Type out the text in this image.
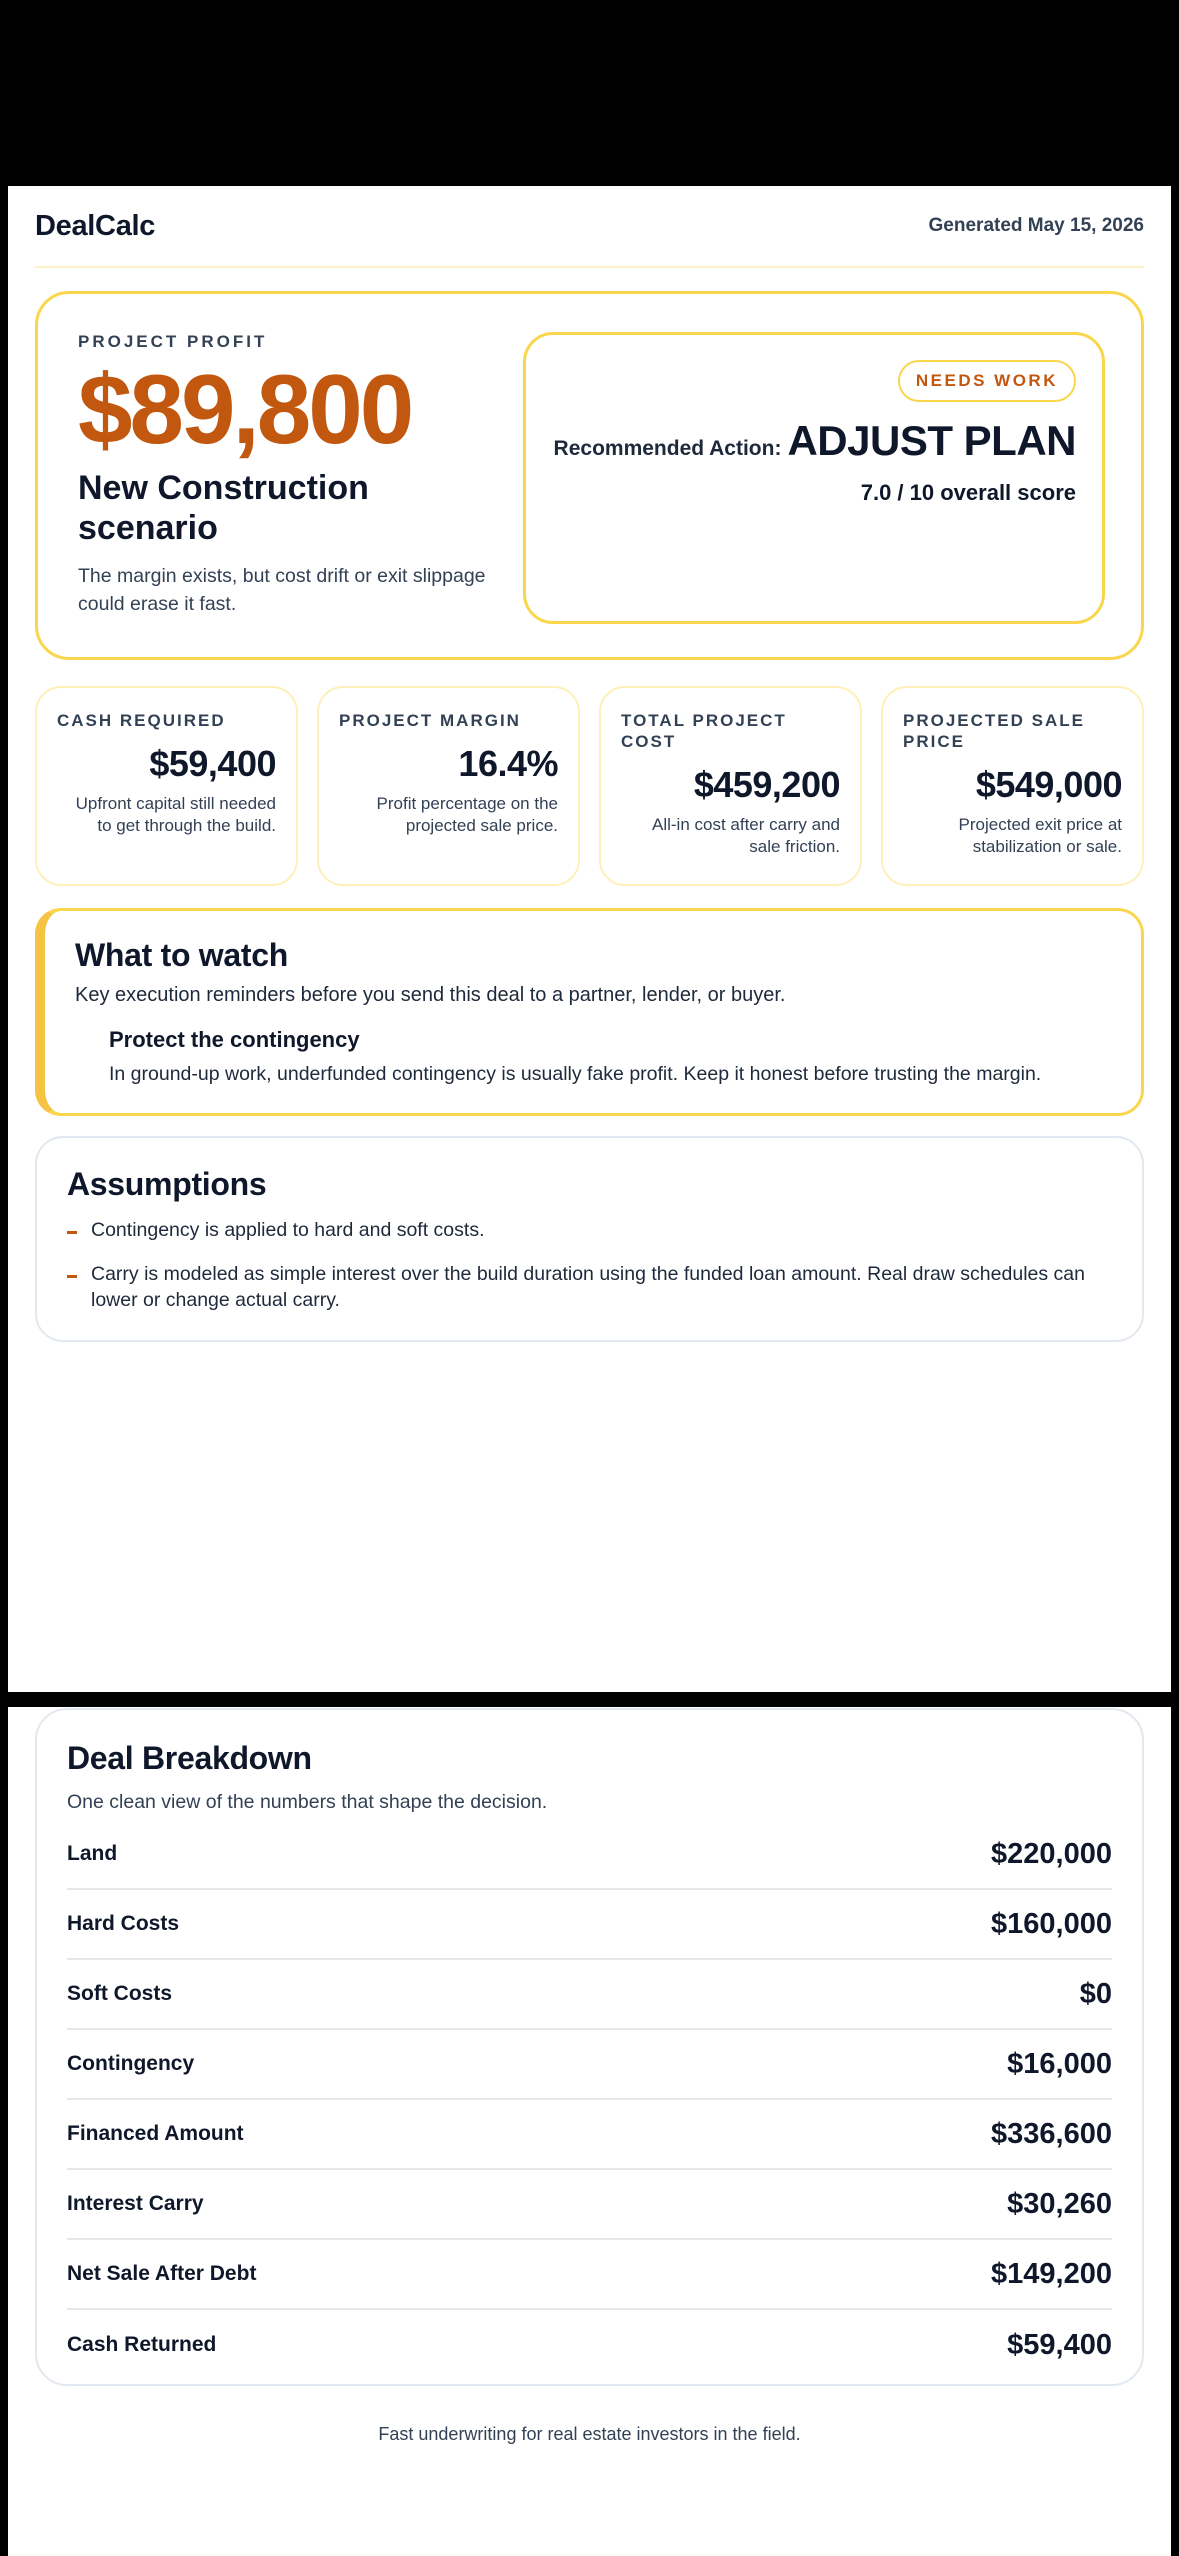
DealCalc	Generated May 15, 2026
PROJECT PROFIT
$89,800
New Construction scenario
The margin exists, but cost drift or exit slippage could erase it fast.
NEEDS WORK
Recommended Action: ADJUST PLAN
7.0 / 10 overall score
CASH REQUIRED
$59,400
Upfront capital still needed to get through the build.
PROJECT MARGIN
16.4%
Profit percentage on the projected sale price.
TOTAL PROJECT COST
$459,200
All-in cost after carry and sale friction.
PROJECTED SALE PRICE
$549,000
Projected exit price at stabilization or sale.
What to watch
Key execution reminders before you send this deal to a partner, lender, or buyer.
Protect the contingency
In ground-up work, underfunded contingency is usually fake profit. Keep it honest before trusting the margin.
Assumptions
Contingency is applied to hard and soft costs.
Carry is modeled as simple interest over the build duration using the funded loan amount. Real draw schedules can lower or change actual carry.
Deal Breakdown
One clean view of the numbers that shape the decision.
Land	$220,000
Hard Costs	$160,000
Soft Costs	$0
Contingency	$16,000
Financed Amount	$336,600
Interest Carry	$30,260
Net Sale After Debt	$149,200
Cash Returned	$59,400
Fast underwriting for real estate investors in the field.
